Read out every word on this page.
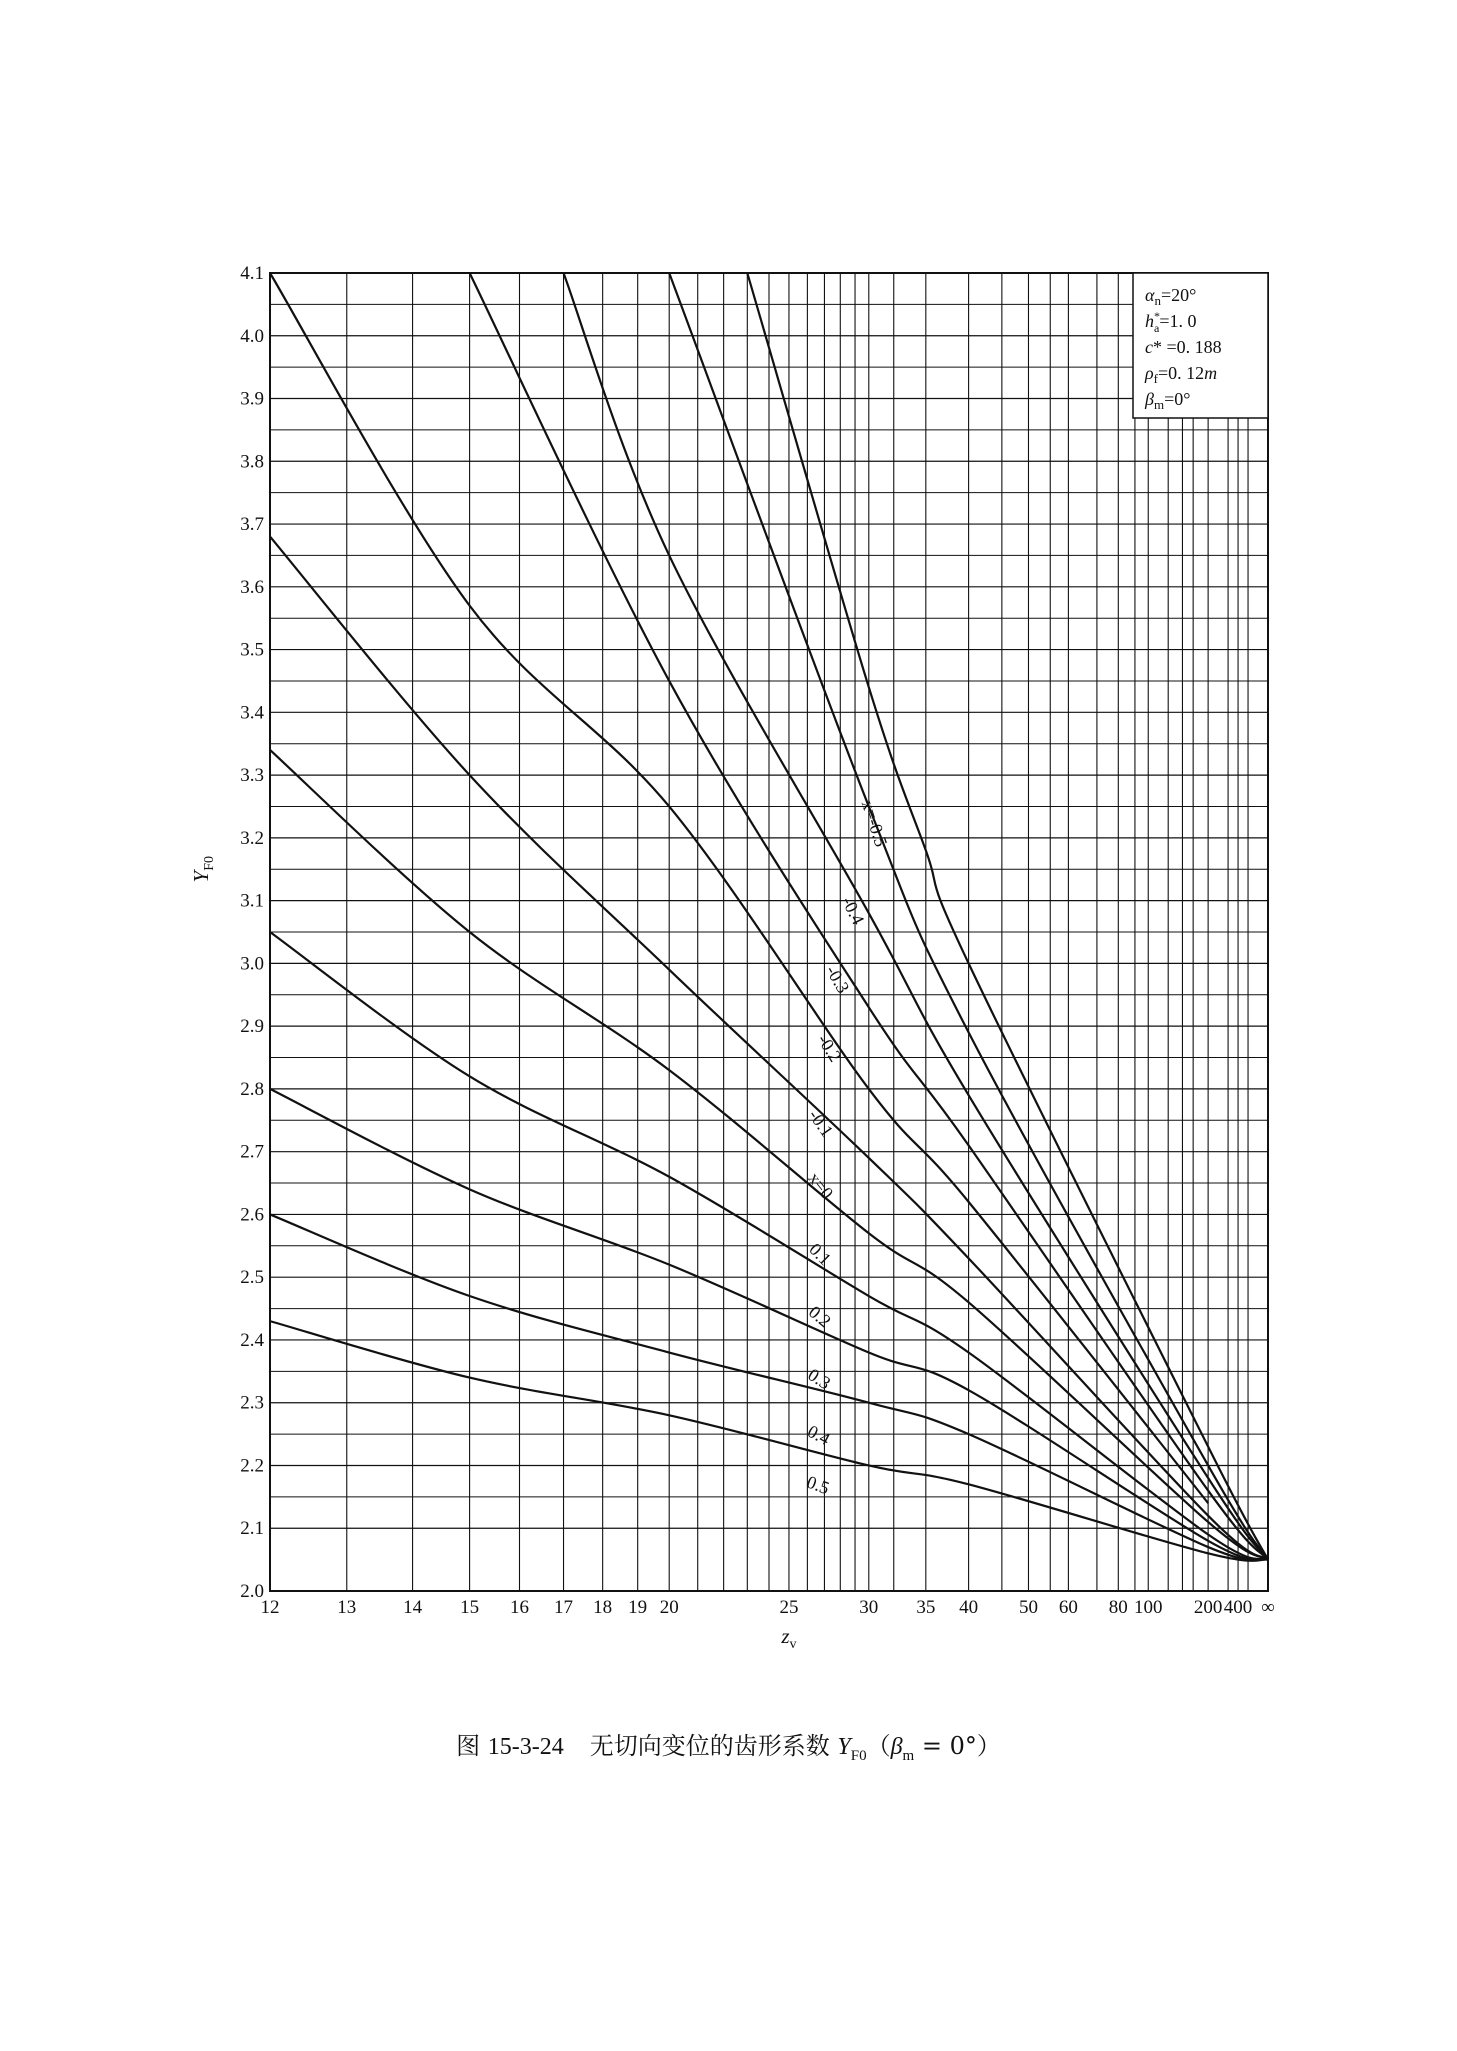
12	13 14 15 16 17 18 19 20	25	30 35 40 50 60 80 100 200 400 ∞
2.0
2.1
2.2
2.3
2.4
2.5
2.6
2.7
2.8
2.9
3.0
3.1
3.2
3.3
3.4
3.5
3.6
3.7
3.8
3.9
4.0
4.1
x=-0.5
-0.4
-0.3
-0.2
-0.1
x=0
0.1
0.2
0.3
0.4
0.5
$\alpha_n=20^\circ$
h* a=1. 0
c* =0. 188
$\rho_f=0$. 12m
$\beta_m=0^\circ$
$z_v$
$Y_{F0}$
图 15-3-24 无切向变位的齿形系数 $Y_{F0}(\beta_m = 0^\circ)$
